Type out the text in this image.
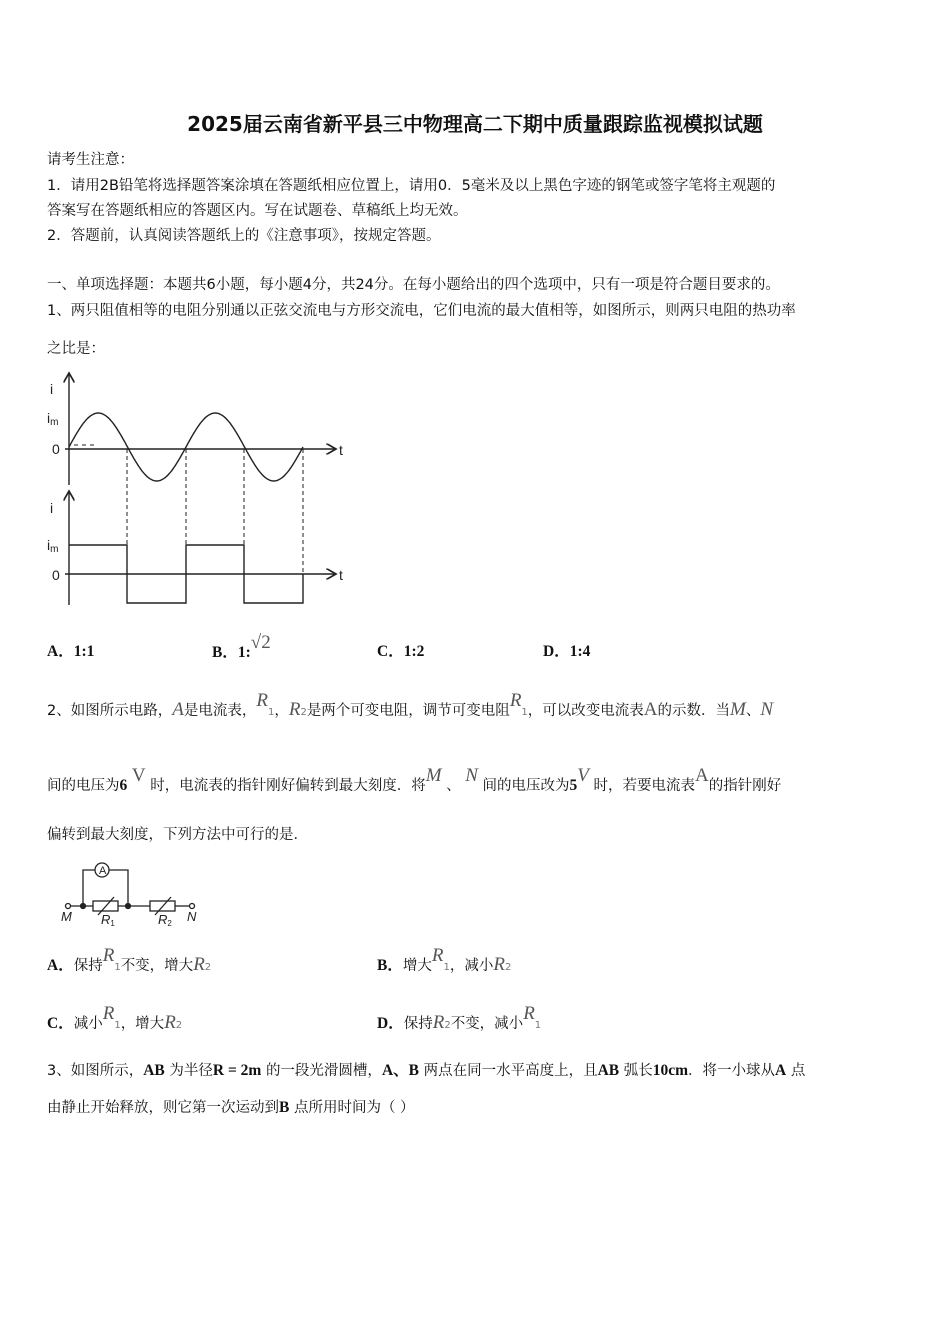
2025届云南省新平县三中物理高二下期中质量跟踪监视模拟试题
请考生注意：
1．请用2B铅笔将选择题答案涂填在答题纸相应位置上，请用0．5毫米及以上黑色字迹的钢笔或签字笔将主观题的
答案写在答题纸相应的答题区内。写在试题卷、草稿纸上均无效。
2．答题前，认真阅读答题纸上的《注意事项》，按规定答题。
一、单项选择题：本题共6小题，每小题4分，共24分。在每小题给出的四个选项中，只有一项是符合题目要求的。
1、两只阻值相等的电阻分别通以正弦交流电与方形交流电，它们电流的最大值相等，如图所示，则两只电阻的热功率
之比是：
i
im
0	t
i
im
0	t
A
M	N
R1	R2
A．1:1	B．1:√2	C．1:2	D．1:4
2、如图所示电路，A是电流表，R1，R2是两个可变电阻，调节可变电阻R1，可以改变电流表A的示数．当M、N
间的电压为6 V 时，电流表的指针刚好偏转到最大刻度．将M 、 N 间的电压改为5V 时，若要电流表A的指针刚好
偏转到最大刻度，下列方法中可行的是．
A．保持R1不变，增大R2	B．增大R1，减小R2
C．减小R1，增大R2	D．保持R2不变，减小R1
3、如图所示，AB 为半径R = 2m 的一段光滑圆槽，A、B 两点在同一水平高度上，且AB 弧长10cm．将一小球从A 点
由静止开始释放，则它第一次运动到B 点所用时间为（ ）
